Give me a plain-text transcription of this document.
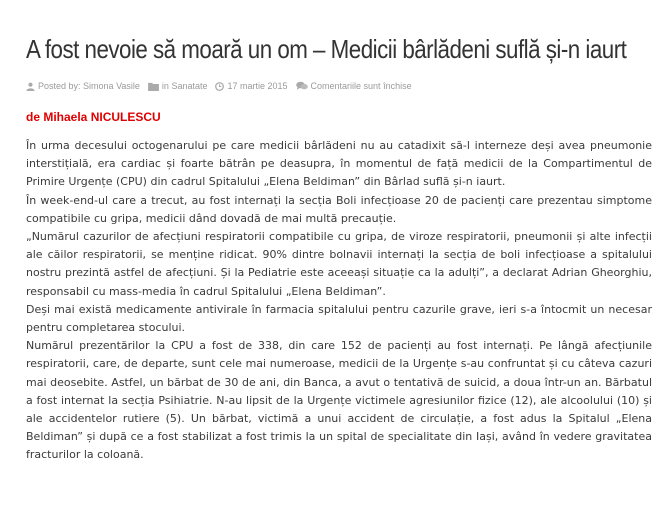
A fost nevoie să moară un om – Medicii bârlădeni suflă și-n iaurt
Posted by:
Simona Vasile in
Sanatate 17 martie 2015	Comentariile sunt închise
de Mihaela NICULESCU

În urma decesului octogenarului pe care medicii bârlădeni nu au catadixit să-l interneze deși avea pneumonie interstițială, era cardiac și foarte bătrân pe deasupra, în momentul de față medicii de la Compartimentul de Primire Urgențe (CPU) din cadrul Spitalului „Elena Beldiman” din Bârlad suflă și-n iaurt.

În week-end-ul care a trecut, au fost internați la secția Boli infecțioase 20 de pacienți care prezentau simptome compatibile cu gripa, medicii dând dovadă de mai multă precauție.

„Numărul cazurilor de afecțiuni respiratorii compatibile cu gripa, de viroze respiratorii, pneumonii și alte infecții ale căilor respiratorii, se menține ridicat. 90% dintre bolnavii internați la secția de boli infecțioase a spitalului nostru prezintă astfel de afecțiuni. Și la Pediatrie este aceeași situație ca la adulți”, a declarat Adrian Gheorghiu, responsabil cu mass-media în cadrul Spitalului „Elena Beldiman”.

Deși mai există medicamente antivirale în farmacia spitalului pentru cazurile grave, ieri s-a întocmit un necesar pentru completarea stocului.

Numărul prezentărilor la CPU a fost de 338, din care 152 de pacienți au fost internați. Pe lângă afecțiunile respiratorii, care, de departe, sunt cele mai numeroase, medicii de la Urgențe s-au confruntat și cu câteva cazuri mai deosebite. Astfel, un bărbat de 30 de ani, din Banca, a avut o tentativă de suicid, a doua într-un an. Bărbatul a fost internat la secția Psihiatrie. N-au lipsit de la Urgențe victimele agresiunilor fizice (12), ale alcoolului (10) și ale accidentelor rutiere (5). Un bărbat, victimă a unui accident de circulație, a fost adus la Spitalul „Elena Beldiman” și după ce a fost stabilizat a fost trimis la un spital de specialitate din Iași, având în vedere gravitatea fracturilor la coloană.
